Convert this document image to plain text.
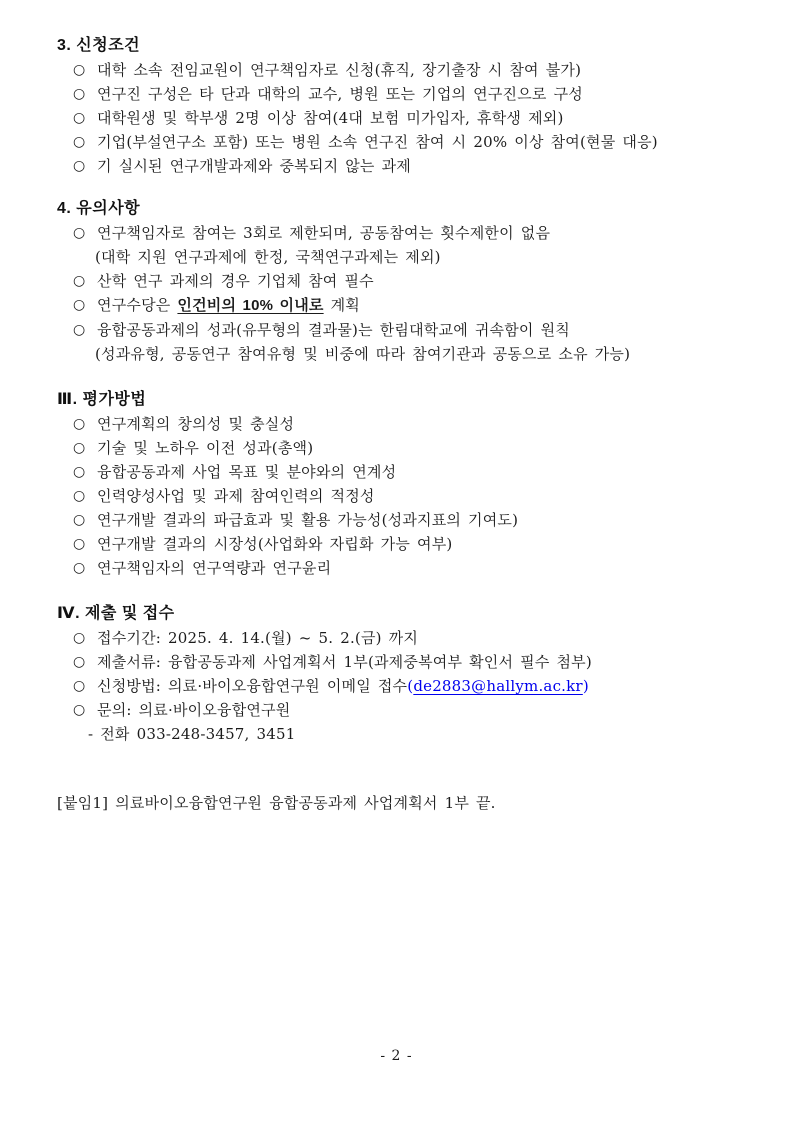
3. 신청조건
○ 대학 소속 전임교원이 연구책임자로 신청(휴직, 장기출장 시 참여 불가)
○ 연구진 구성은 타 단과 대학의 교수, 병원 또는 기업의 연구진으로 구성
○ 대학원생 및 학부생 2명 이상 참여(4대 보험 미가입자, 휴학생 제외)
○ 기업(부설연구소 포함) 또는 병원 소속 연구진 참여 시 20% 이상 참여(현물 대응)
○ 기 실시된 연구개발과제와 중복되지 않는 과제
4. 유의사항
○ 연구책임자로 참여는 3회로 제한되며, 공동참여는 횟수제한이 없음
(대학 지원 연구과제에 한정, 국책연구과제는 제외)
○ 산학 연구 과제의 경우 기업체 참여 필수
○ 연구수당은 인건비의 10% 이내로 계획
○ 융합공동과제의 성과(유무형의 결과물)는 한림대학교에 귀속함이 원칙
(성과유형, 공동연구 참여유형 및 비중에 따라 참여기관과 공동으로 소유 가능)
Ⅲ. 평가방법
○ 연구계획의 창의성 및 충실성
○ 기술 및 노하우 이전 성과(총액)
○ 융합공동과제 사업 목표 및 분야와의 연계성
○ 인력양성사업 및 과제 참여인력의 적정성
○ 연구개발 결과의 파급효과 및 활용 가능성(성과지표의 기여도)
○ 연구개발 결과의 시장성(사업화와 자립화 가능 여부)
○ 연구책임자의 연구역량과 연구윤리
Ⅳ. 제출 및 접수
○ 접수기간: 2025. 4. 14.(월) ~ 5. 2.(금) 까지
○ 제출서류: 융합공동과제 사업계획서 1부(과제중복여부 확인서 필수 첨부)
○ 신청방법: 의료·바이오융합연구원 이메일 접수(de2883@hallym.ac.kr)
○ 문의: 의료·바이오융합연구원
- 전화 033-248-3457, 3451
[붙임1] 의료바이오융합연구원 융합공동과제 사업계획서 1부 끝.
- 2 -
